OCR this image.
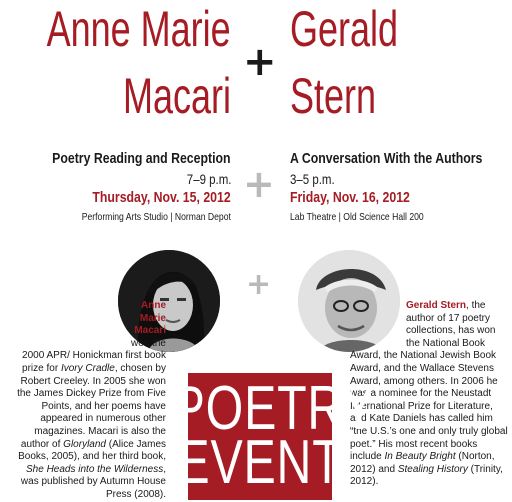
Anne Marie
Macari
+
Gerald
Stern
Poetry Reading and Reception
7–9 p.m.
Thursday, Nov. 15, 2012
Performing Arts Studio | Norman Depot
+
A Conversation With the Authors
3–5 p.m.
Friday, Nov. 16, 2012
Lab Theatre | Old Science Hall 200
+
Anne Marie Macari won the 2000 APR/ Honickman first book prize for Ivory Cradle, chosen by Robert Creeley. In 2005 she won the James Dickey Prize from Five Points, and her poems have appeared in numerous other magazines. Macari is also the author of Gloryland (Alice James Books, 2005), and her third book, She Heads into the Wilderness, was published by Autumn House Press (2008).
Gerald Stern, the author of 17 poetry collections, has won the National Book Award, the National Jewish Book Award, and the Wallace Stevens Award, among others. In 2006 he was a nominee for the Neustadt International Prize for Literature, and Kate Daniels has called him “the U.S.’s one and only truly global poet.” His most recent books include In Beauty Bright (Norton, 2012) and Stealing History (Trinity, 2012).
POETRY
EVENT
